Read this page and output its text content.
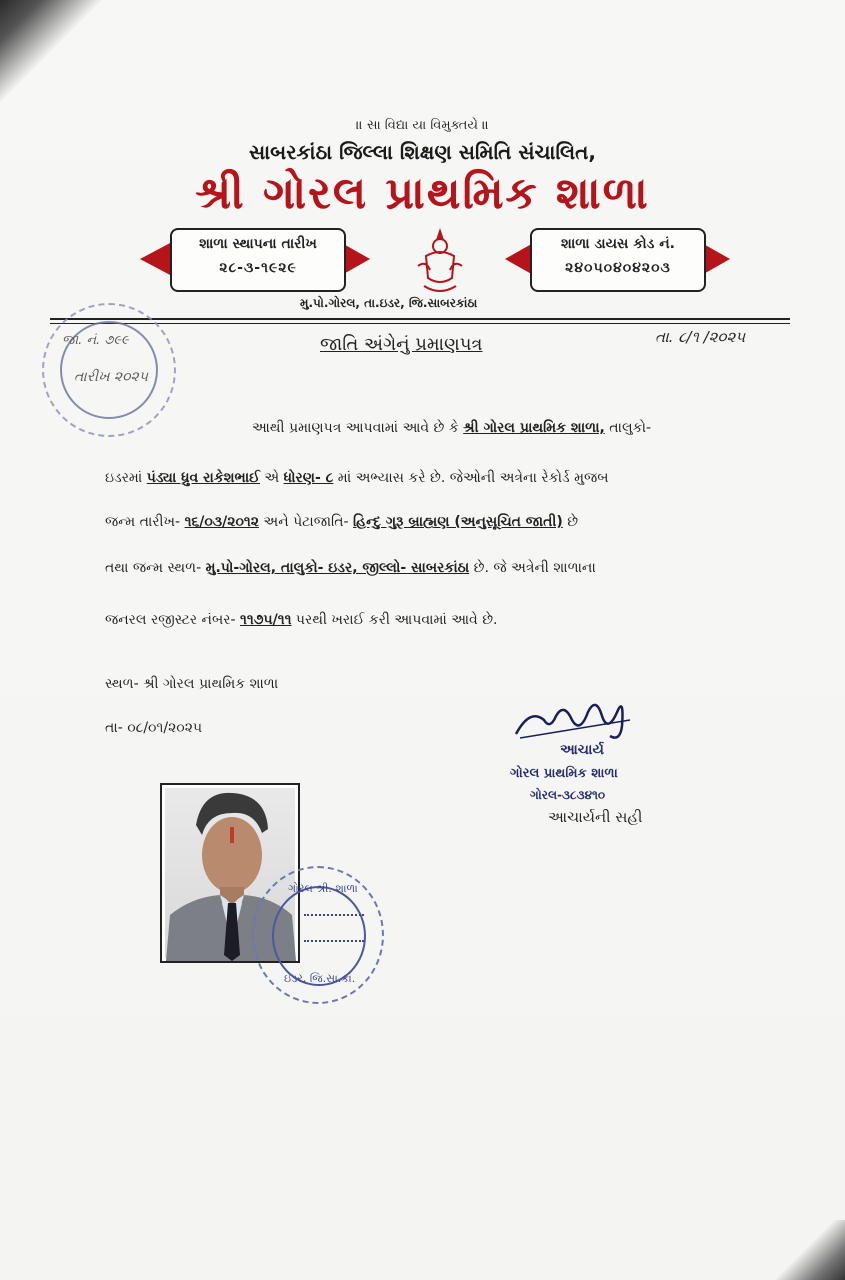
॥ સા વિદ્યા યા વિમુક્તયે ॥
સાબરકાંઠા જિલ્લા શિક્ષણ સમિતિ સંચાલિત,
શ્રી ગોરલ પ્રાથમિક શાળા
શાળા સ્થાપના તારીખ
૨૮-૩-૧૯૨૯
શાળા ડાયસ કોડ નં.
૨૪૦૫૦૪૦૪૨૦૩
મુ.પો.ગોરલ, તા.ઇડર, જિ.સાબરકાંઠા
જા. નં. ૭૯૯
તારીખ ૨૦૨૫
જાતિ અંગેનું પ્રમાણપત્ર	તા. ૮/૧ /૨૦૨૫
આથી પ્રમાણપત્ર આપવામાં આવે છે કે શ્રી ગોરલ પ્રાથમિક શાળા, તાલુકો-
ઇડરમાં પંડ્યા ધ્રુવ રાકેશભાઈ એ ધોરણ- ૮ માં અભ્યાસ કરે છે. જેઓની અત્રેના રેકોર્ડ મુજબ
જન્મ તારીખ- ૧૬/૦૩/૨૦૧૨ અને પેટાજાતિ- હિન્દુ ગુરૂ બ્રાહ્મણ (અનુસૂચિત જાતી) છે
તથા જન્મ સ્થળ- મુ.પો-ગોરલ, તાલુકો- ઇડર, જીલ્લો- સાબરકાંઠા છે. જે અત્રેની શાળાના
જનરલ રજીસ્ટર નંબર- ૧૧૭૫/૧૧ પરથી ખરાઈ કરી આપવામાં આવે છે.
સ્થળ- શ્રી ગોરલ પ્રાથમિક શાળા
તા- ૦૮/૦૧/૨૦૨૫
આચાર્ય
ગોરલ પ્રાથમિક શાળા
ગોરલ-૩૮૩૪૧૦
આચાર્યની સહી
ગોરલ શ્રી. શાળા
ઇડર, જિ.સા.કાં.
